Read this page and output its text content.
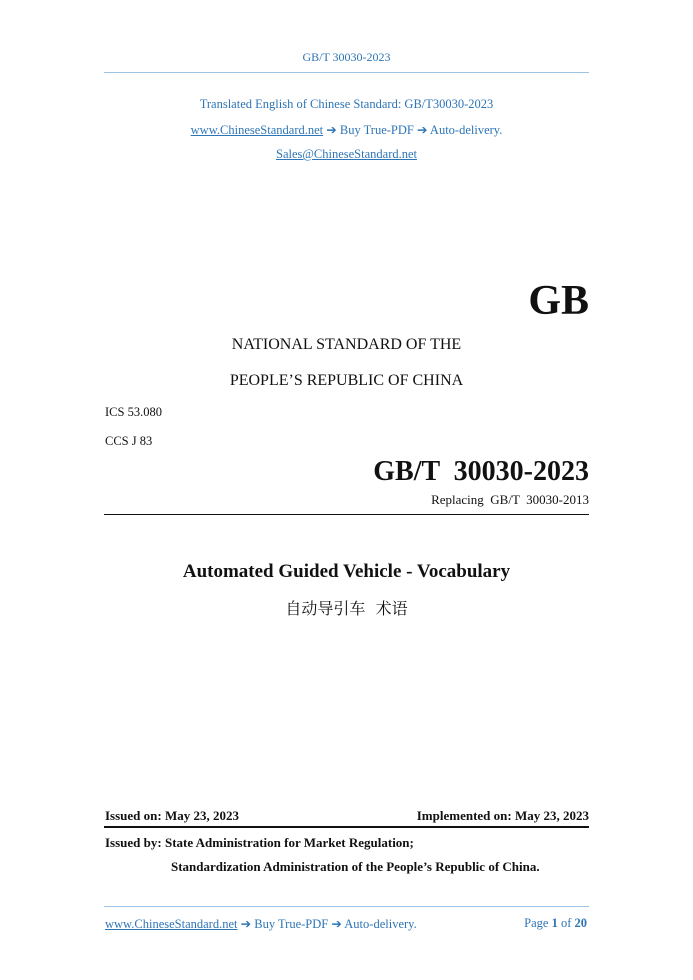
GB/T 30030-2023
Translated English of Chinese Standard: GB/T30030-2023
www.ChineseStandard.net ➔ Buy True-PDF ➔ Auto-delivery.
Sales@ChineseStandard.net
GB
NATIONAL STANDARD OF THE
PEOPLE’S REPUBLIC OF CHINA
ICS 53.080
CCS J 83
GB/T  30030-2023
Replacing  GB/T  30030-2013
Automated Guided Vehicle - Vocabulary
自动导引车  术语
Issued on: May 23, 2023	Implemented on: May 23, 2023
Issued by: State Administration for Market Regulation;
Standardization Administration of the People’s Republic of China.
www.ChineseStandard.net ➔ Buy True-PDF ➔ Auto-delivery.	Page 1 of 20
